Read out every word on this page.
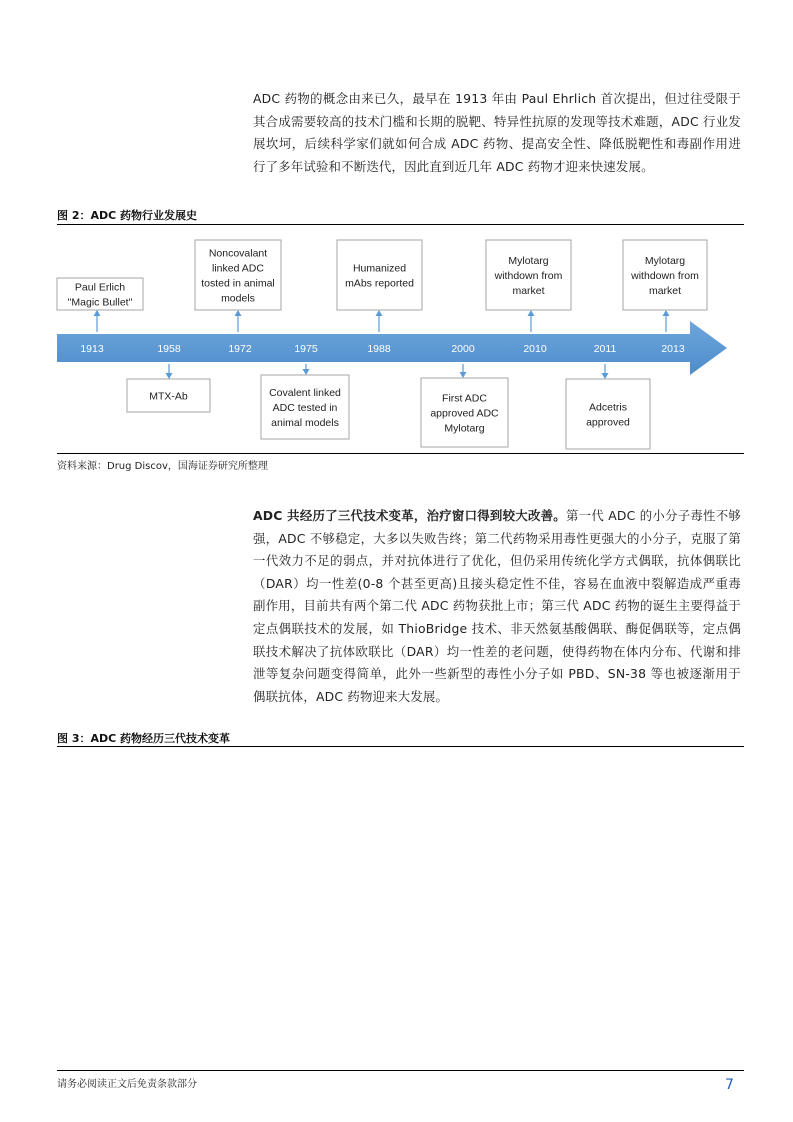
ADC 药物的概念由来已久，最早在 1913 年由 Paul Ehrlich 首次提出，但过往受限于其合成需要较高的技术门槛和长期的脱靶、特异性抗原的发现等技术难题，ADC 行业发展坎坷，后续科学家们就如何合成 ADC 药物、提高安全性、降低脱靶性和毒副作用进行了多年试验和不断迭代，因此直到近几年 ADC 药物才迎来快速发展。

图 2：ADC 药物行业发展史
1913	1958	1972	1975	1988	2000	2010	2011	2013
Paul Erlich "Magic Bullet"
MTX-Ab
Noncovalant linked ADC tosted in animal models
Covalent linked ADC tested in animal models
Humanized mAbs reported
First ADC approved ADC Mylotarg
Mylotarg withdown from market
Adcetris approved
Mylotarg withdown from market
资料来源：Drug Discov，国海证券研究所整理

ADC 共经历了三代技术变革，治疗窗口得到较大改善。第一代 ADC 的小分子毒性不够强，ADC 不够稳定，大多以失败告终；第二代药物采用毒性更强大的小分子，克服了第一代效力不足的弱点，并对抗体进行了优化，但仍采用传统化学方式偶联，抗体偶联比（DAR）均一性差(0-8 个甚至更高)且接头稳定性不佳，容易在血液中裂解造成严重毒副作用，目前共有两个第二代 ADC 药物获批上市；第三代 ADC 药物的诞生主要得益于定点偶联技术的发展，如 ThioBridge 技术、非天然氨基酸偶联、酶促偶联等，定点偶联技术解决了抗体欧联比（DAR）均一性差的老问题，使得药物在体内分布、代谢和排泄等复杂问题变得简单，此外一些新型的毒性小分子如 PBD、SN-38 等也被逐渐用于偶联抗体，ADC 药物迎来大发展。

图 3：ADC 药物经历三代技术变革
请务必阅读正文后免责条款部分	7
